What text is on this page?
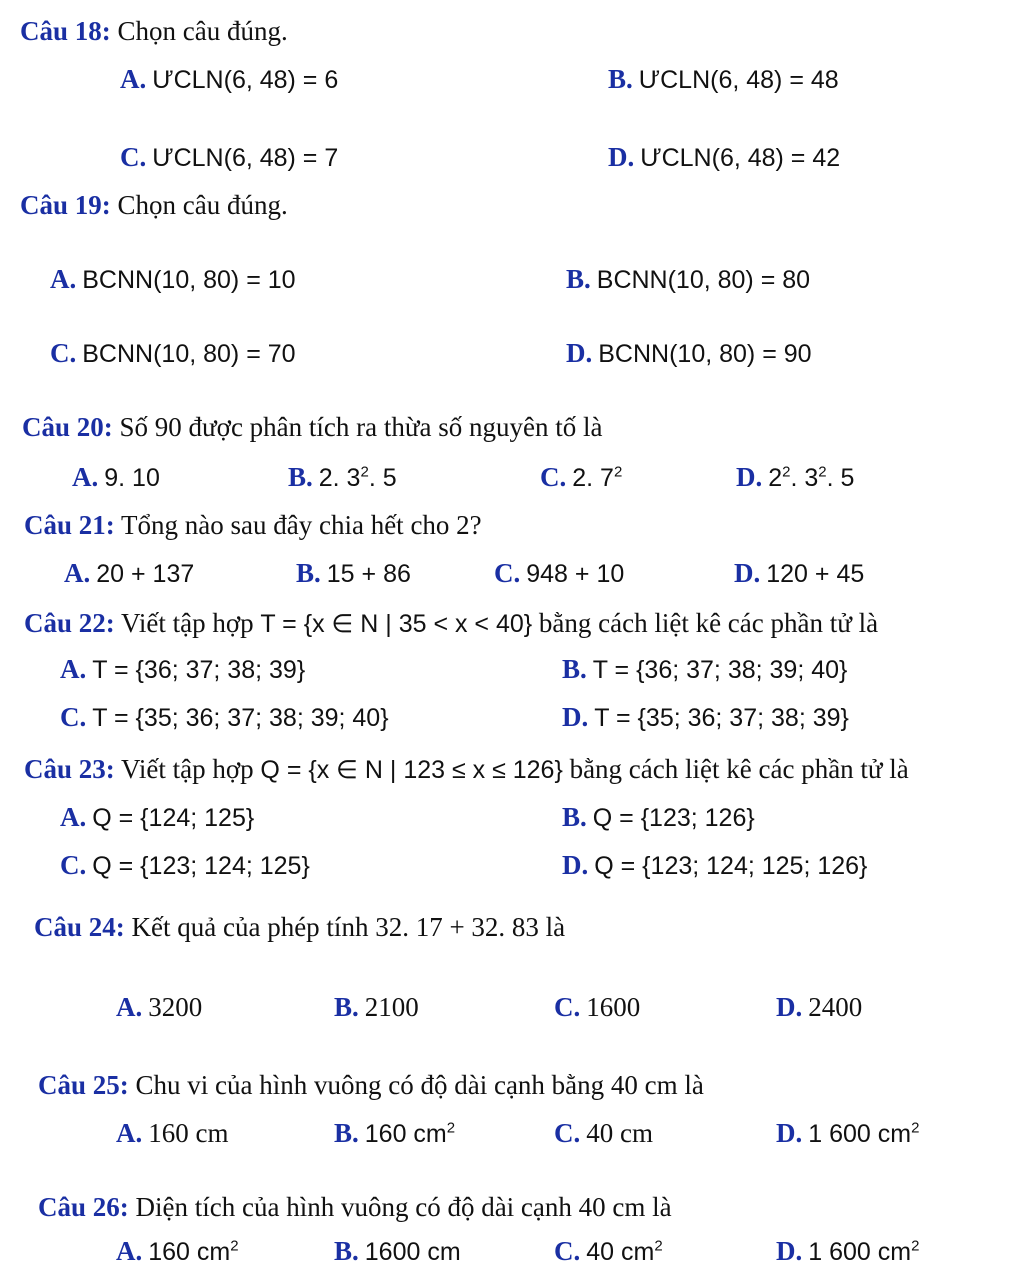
Câu 18: Chọn câu đúng.
A. ƯCLN(6, 48) = 6	B. ƯCLN(6, 48) = 48
C. ƯCLN(6, 48) = 7	D. ƯCLN(6, 48) = 42
Câu 19: Chọn câu đúng.
A. BCNN(10, 80) = 10	B. BCNN(10, 80) = 80
C. BCNN(10, 80) = 70	D. BCNN(10, 80) = 90
Câu 20: Số 90 được phân tích ra thừa số nguyên tố là
A. 9. 10	B. 2. $3^2$. 5	C. 2. $7^2$	D. $2^2$. $3^2$. 5
Câu 21: Tổng nào sau đây chia hết cho 2?
A. 20 + 137	B. 15 + 86	C. 948 + 10	D. 120 + 45
Câu 22: Viết tập hợp T = {x ∈ N | 35 < x < 40} bằng cách liệt kê các phần tử là
A. T = {36; 37; 38; 39}	B. T = {36; 37; 38; 39; 40}
C. T = {35; 36; 37; 38; 39; 40}	D. T = {35; 36; 37; 38; 39}
Câu 23: Viết tập hợp Q = {x ∈ N | 123 ≤ x ≤ 126} bằng cách liệt kê các phần tử là
A. Q = {124; 125}	B. Q = {123; 126}
C. Q = {123; 124; 125}	D. Q = {123; 124; 125; 126}
Câu 24: Kết quả của phép tính 32. 17 + 32. 83 là
A. 3200	B. 2100	C. 1600	D. 2400
Câu 25: Chu vi của hình vuông có độ dài cạnh bằng 40 cm là
A. 160 cm	B. 160 $cm^2$	C. 40 cm	D. 1 600 $cm^2$
Câu 26: Diện tích của hình vuông có độ dài cạnh 40 cm là
A. 160 $cm^2$	B. 1600 cm	C. 40 $cm^2$	D. 1 600 $cm^2$
